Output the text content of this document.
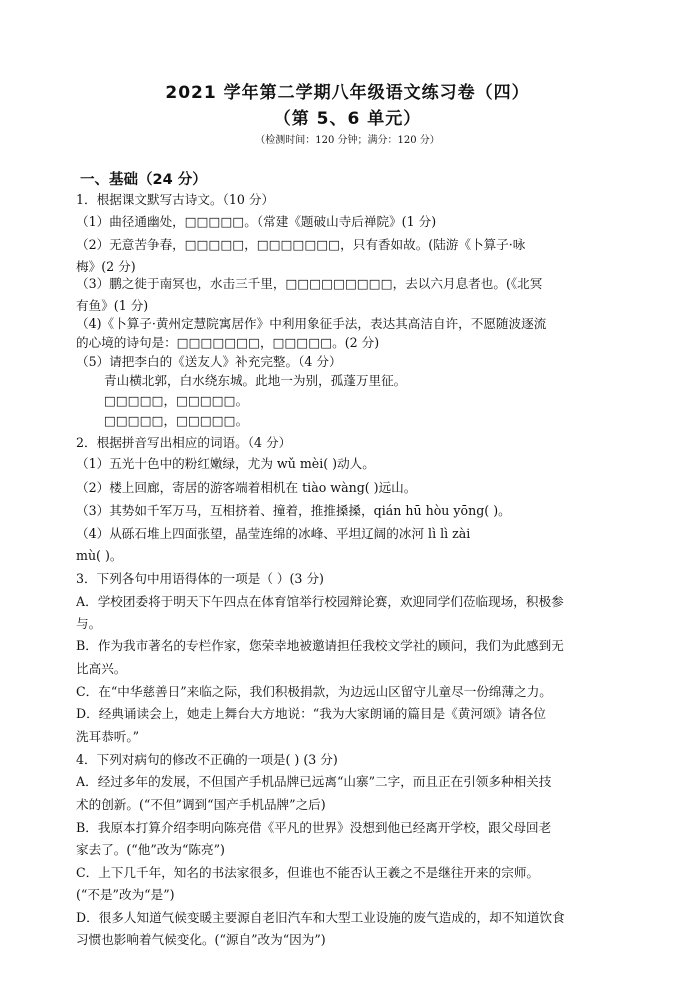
2021 学年第二学期八年级语文练习卷（四）
（第 5、6 单元）
（检测时间：120 分钟；满分：120 分）
一、基础（24 分）
1．根据课文默写古诗文。（10 分）
（1）曲径通幽处，□□□□□。（常建《题破山寺后禅院》(1 分)
（2）无意苦争春，□□□□□，□□□□□□□，只有香如故。(陆游《卜算子·咏
梅》(2 分)
（3）鹏之徙于南冥也，水击三千里，□□□□□□□□□，去以六月息者也。(《北冥
有鱼》(1 分)
（4)《卜算子·黄州定慧院寓居作》中利用象征手法，表达其高洁自许，不愿随波逐流
的心境的诗句是：□□□□□□□，□□□□□。(2 分)
（5）请把李白的《送友人》补充完整。（4 分）
青山横北郭，白水绕东城。此地一为别，孤蓬万里征。
□□□□□，□□□□□。
□□□□□，□□□□□。
2．根据拼音写出相应的词语。（4 分）
（1）五光十色中的粉红嫩绿，尤为 wǔ mèi( )动人。
（2）楼上回廊，寄居的游客端着相机在 tiào wàng( )远山。
（3）其势如千军万马，互相挤着、撞着，推推搡搡，qián hū hòu yōng( )。
（4）从砾石堆上四面张望，晶莹连绵的冰峰、平坦辽阔的冰河 lì lì zài
mù( )。
3．下列各句中用语得体的一项是（ ）(3 分)
A．学校团委将于明天下午四点在体育馆举行校园辩论赛，欢迎同学们莅临现场，积极参
与。
B．作为我市著名的专栏作家，您荣幸地被邀请担任我校文学社的顾问，我们为此感到无
比高兴。
C．在“中华慈善日”来临之际，我们积极捐款，为边远山区留守儿童尽一份绵薄之力。
D．经典诵读会上，她走上舞台大方地说：“我为大家朗诵的篇目是《黄河颂》请各位
洗耳恭听。”
4．下列对病句的修改不正确的一项是( ) (3 分)
A．经过多年的发展，不但国产手机品牌已远离“山寨”二字，而且正在引领多种相关技
术的创新。(“不但”调到“国产手机品牌”之后)
B．我原本打算介绍李明向陈亮借《平凡的世界》没想到他已经离开学校，跟父母回老
家去了。(“他”改为“陈亮”)
C．上下几千年，知名的书法家很多，但谁也不能否认王羲之不是继往开来的宗师。
(“不是”改为“是”)
D．很多人知道气候变暖主要源自老旧汽车和大型工业设施的废气造成的，却不知道饮食
习惯也影响着气候变化。(“源自”改为“因为”)
